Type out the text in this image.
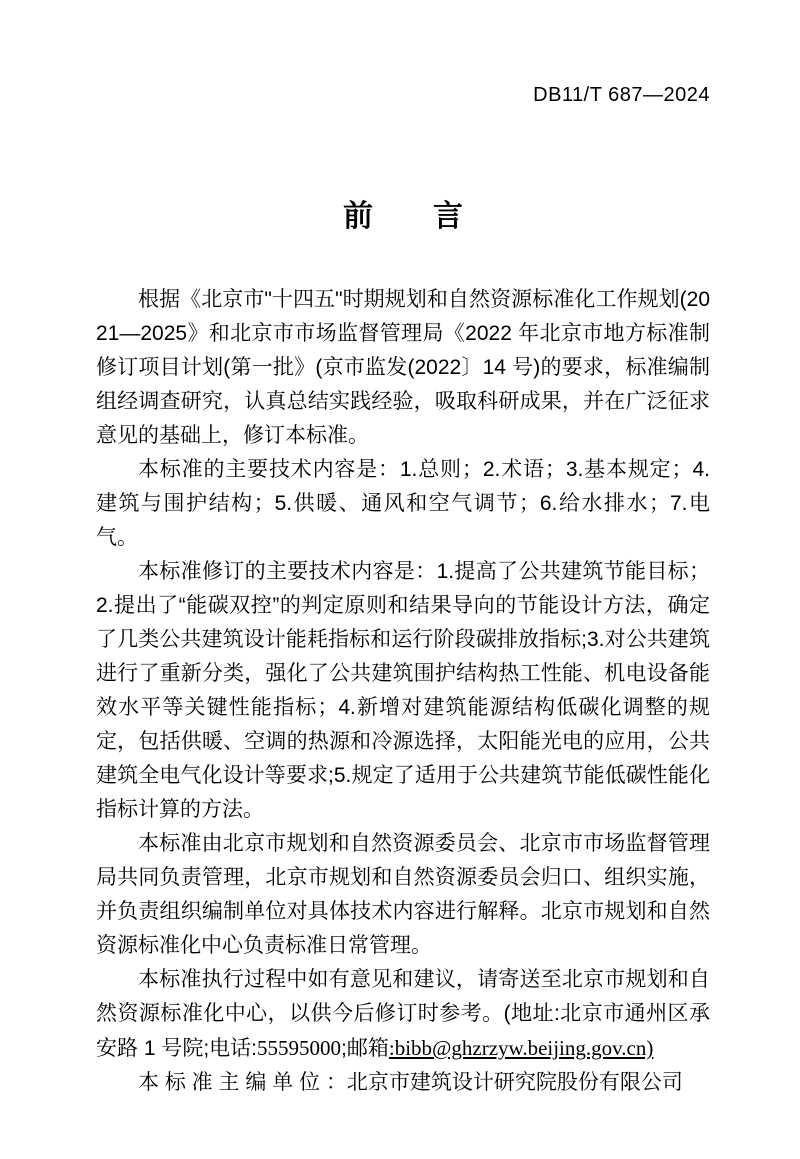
DB11/T 687—2024
前　　言

根据《北京市"十四五"时期规划和自然资源标准化工作规划(2021—2025》和北京市市场监督管理局《2022 年北京市地方标准制修订项目计划(第一批》(京市监发(2022〕14 号)的要求，标准编制组经调查研究，认真总结实践经验，吸取科研成果，并在广泛征求意见的基础上，修订本标准。

本标准的主要技术内容是：1.总则；2.术语；3.基本规定；4.建筑与围护结构；5.供暖、通风和空气调节；6.给水排水；7.电气。

本标准修订的主要技术内容是：1.提高了公共建筑节能目标；2.提出了“能碳双控”的判定原则和结果导向的节能设计方法，确定了几类公共建筑设计能耗指标和运行阶段碳排放指标;3.对公共建筑进行了重新分类，强化了公共建筑围护结构热工性能、机电设备能效水平等关键性能指标；4.新增对建筑能源结构低碳化调整的规定，包括供暖、空调的热源和冷源选择，太阳能光电的应用，公共建筑全电气化设计等要求;5.规定了适用于公共建筑节能低碳性能化指标计算的方法。

本标准由北京市规划和自然资源委员会、北京市市场监督管理局共同负责管理，北京市规划和自然资源委员会归口、组织实施，并负责组织编制单位对具体技术内容进行解释。北京市规划和自然资源标准化中心负责标准日常管理。

本标准执行过程中如有意见和建议，请寄送至北京市规划和自然资源标准化中心，以供今后修订时参考。(地址:北京市通州区承安路 1 号院;电话:55595000;邮箱:bibb@ghzrzyw.beijing.gov.cn)

本 标 准 主 编 单 位 ：北京市建筑设计研究院股份有限公司
